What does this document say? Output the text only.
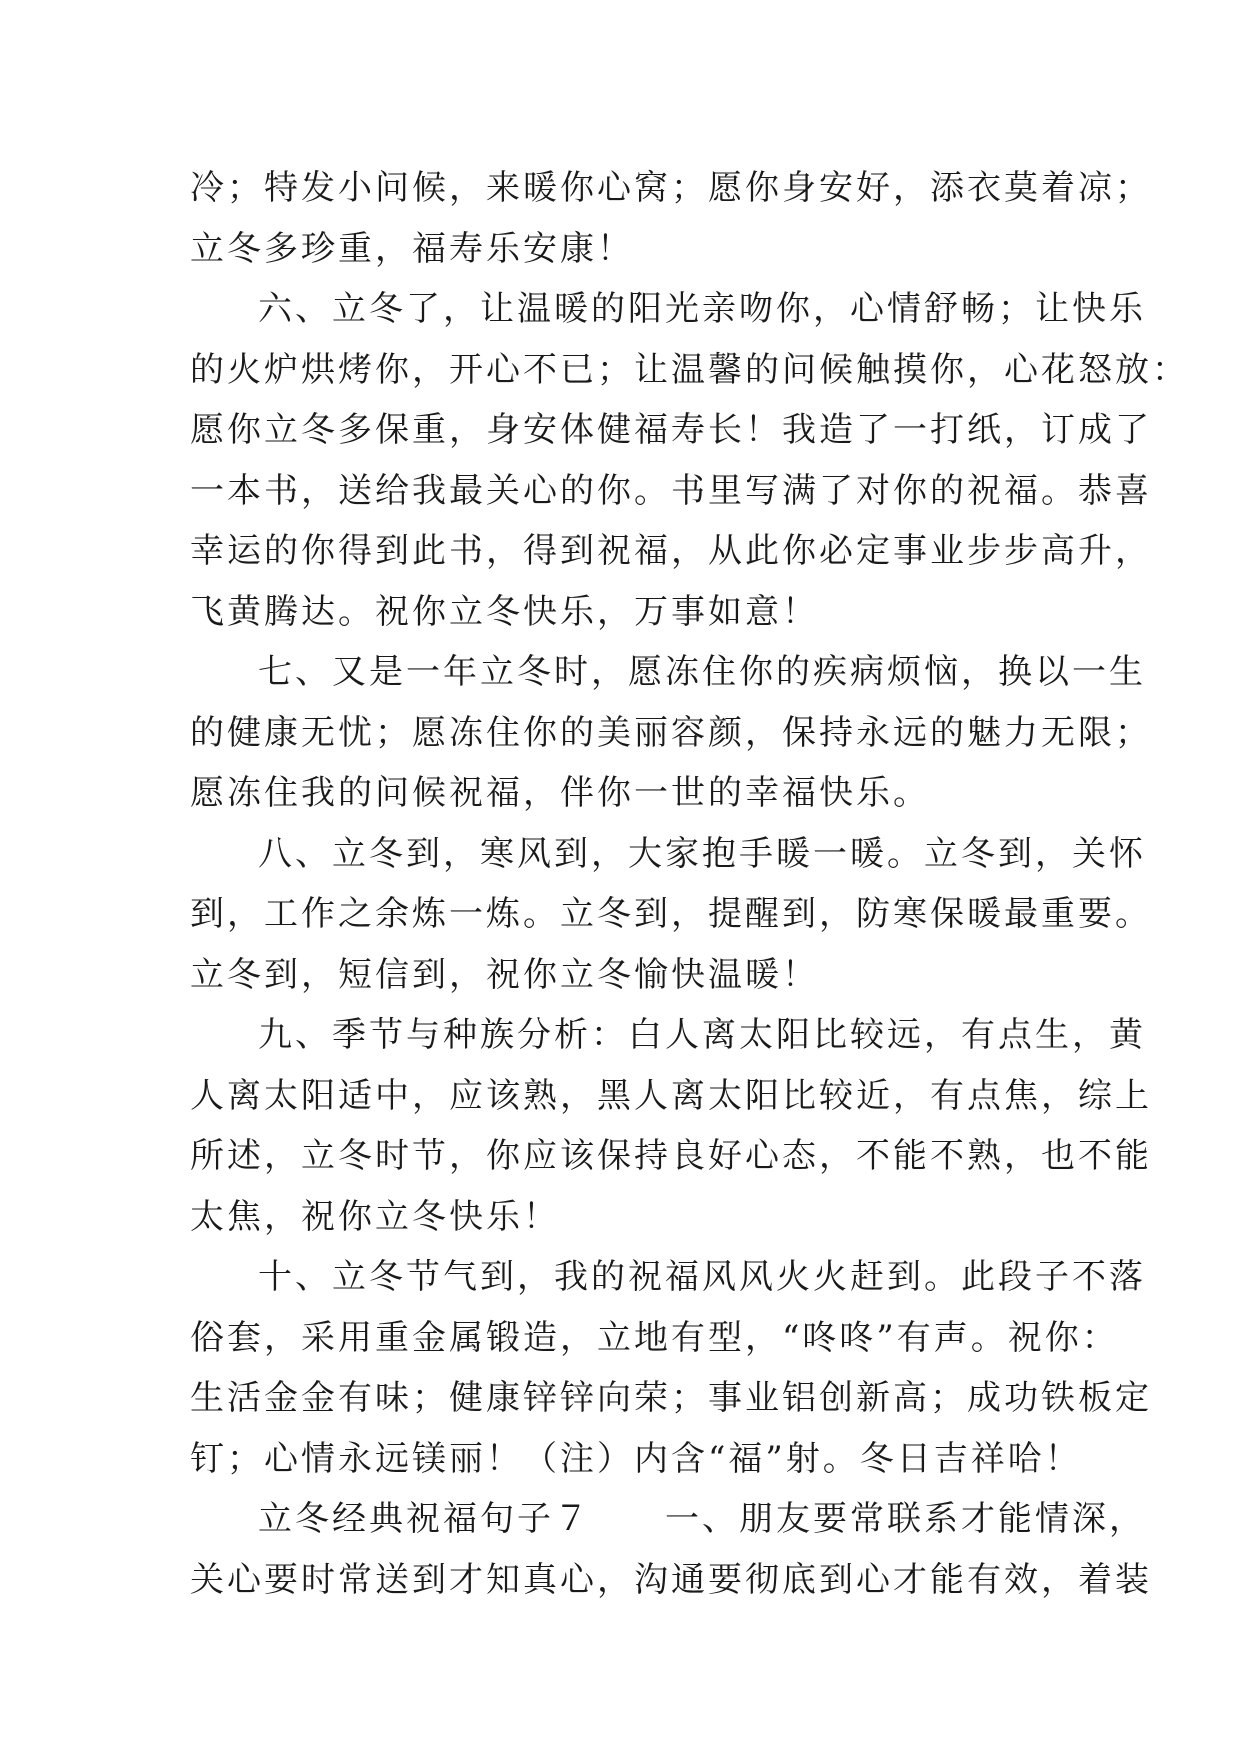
冷；特发小问候，来暖你心窝；愿你身安好，添衣莫着凉；
立冬多珍重，福寿乐安康！
六、立冬了，让温暖的阳光亲吻你，心情舒畅；让快乐
的火炉烘烤你，开心不已；让温馨的问候触摸你，心花怒放：
愿你立冬多保重，身安体健福寿长！我造了一打纸，订成了
一本书，送给我最关心的你。书里写满了对你的祝福。恭喜
幸运的你得到此书，得到祝福，从此你必定事业步步高升，
飞黄腾达。祝你立冬快乐，万事如意！
七、又是一年立冬时，愿冻住你的疾病烦恼，换以一生
的健康无忧；愿冻住你的美丽容颜，保持永远的魅力无限；
愿冻住我的问候祝福，伴你一世的幸福快乐。
八、立冬到，寒风到，大家抱手暖一暖。立冬到，关怀
到，工作之余炼一炼。立冬到，提醒到，防寒保暖最重要。
立冬到，短信到，祝你立冬愉快温暖！
九、季节与种族分析：白人离太阳比较远，有点生，黄
人离太阳适中，应该熟，黑人离太阳比较近，有点焦，综上
所述，立冬时节，你应该保持良好心态，不能不熟，也不能
太焦，祝你立冬快乐！
十、立冬节气到，我的祝福风风火火赶到。此段子不落
俗套，采用重金属锻造，立地有型，“咚咚”有声。祝你：
生活金金有味；健康锌锌向荣；事业铝创新高；成功铁板定
钉；心情永远镁丽！（注）内含“福”射。冬日吉祥哈！
立冬经典祝福句子７　　一、朋友要常联系才能情深，
关心要时常送到才知真心，沟通要彻底到心才能有效，着装
